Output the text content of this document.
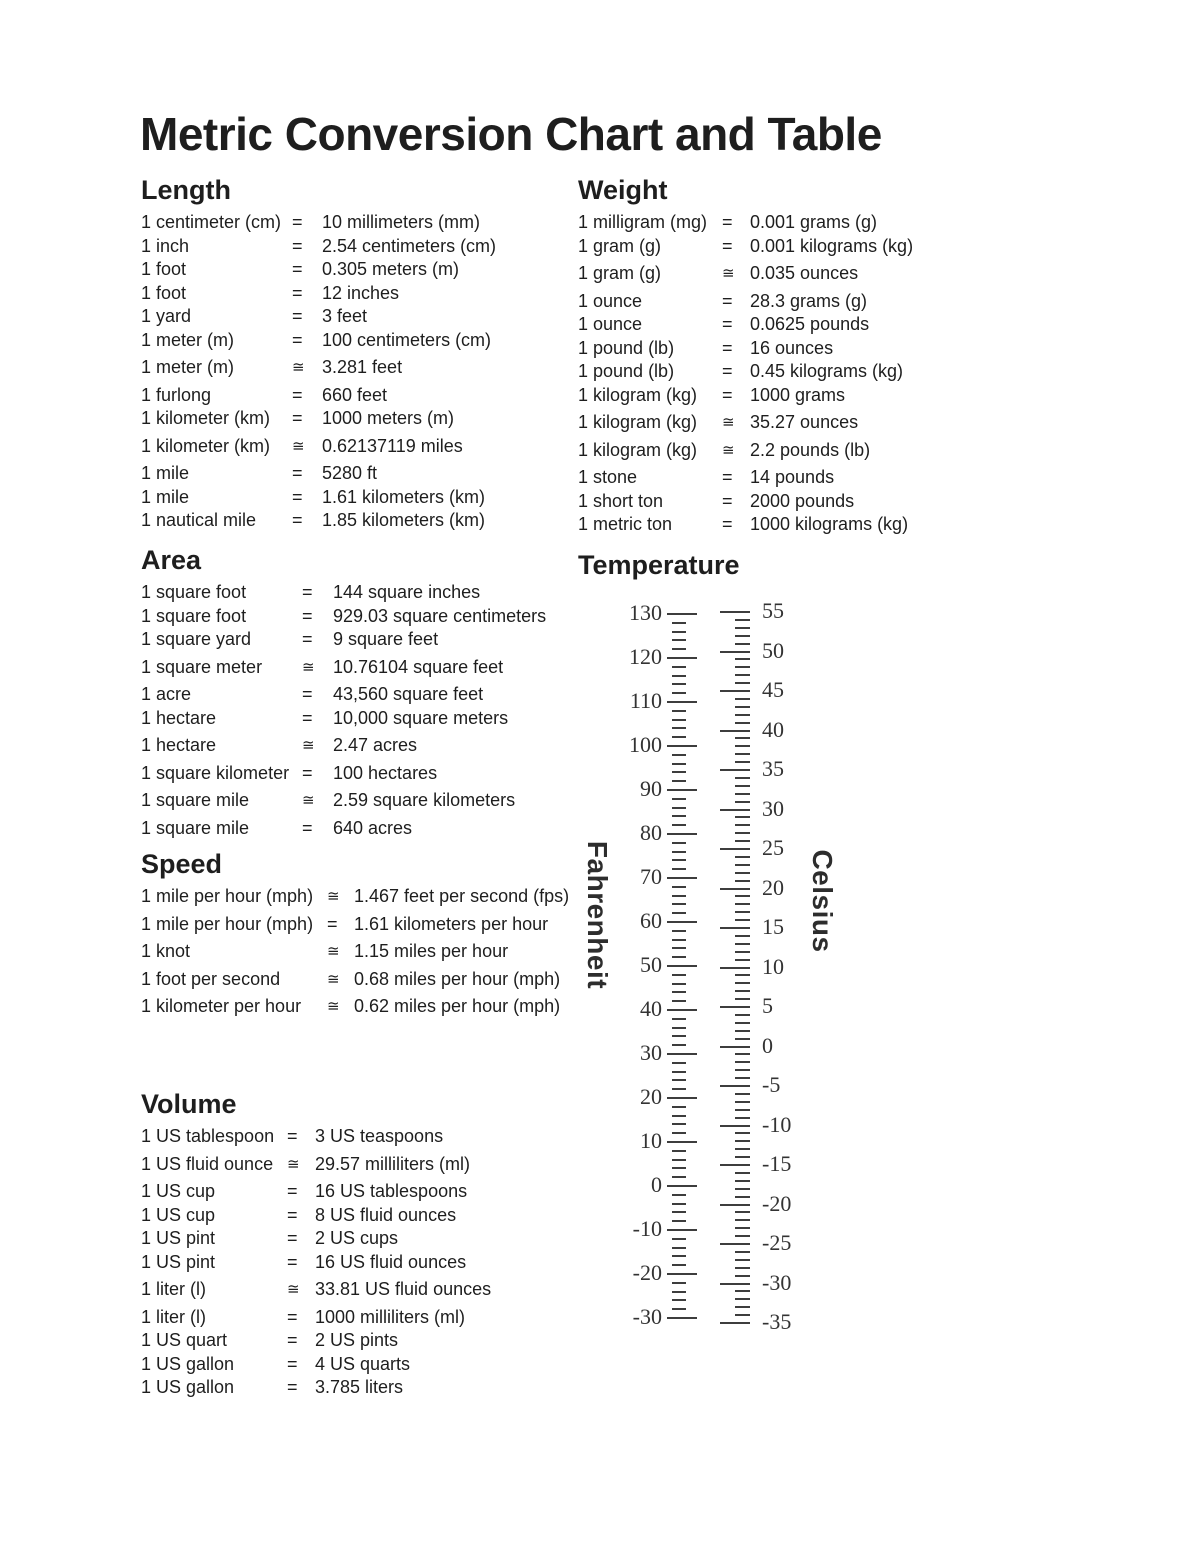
Metric Conversion Chart and Table
Length
1 centimeter (cm) =	10 millimeters (mm)
1 inch	=	2.54 centimeters (cm)
1 foot	=	0.305 meters (m)
1 foot	=	12 inches
1 yard	=	3 feet
1 meter (m)	=	100 centimeters (cm)
1 meter (m)	≅ 3.281 feet
1 furlong	=	660 feet
1 kilometer (km)	=	1000 meters (m)
1 kilometer (km)	≅ 0.62137119 miles
1 mile	=	5280 ft
1 mile	=	1.61 kilometers (km)
1 nautical mile	=	1.85 kilometers (km)
Area
1 square foot	=	144 square inches
1 square foot	=	929.03 square centimeters
1 square yard	=	9 square feet
1 square meter	≅	10.76104 square feet
1 acre	=	43,560 square feet
1 hectare	=	10,000 square meters
1 hectare	≅	2.47 acres
1 square kilometer =	100 hectares
1 square mile	≅	2.59 square kilometers
1 square mile	=	640 acres
Speed
1 mile per hour (mph) ≅ 1.467 feet per second (fps)
1 mile per hour (mph) = 1.61 kilometers per hour
1 knot	≅ 1.15 miles per hour
1 foot per second	≅ 0.68 miles per hour (mph)
1 kilometer per hour	≅ 0.62 miles per hour (mph)
Volume
1 US tablespoon = 3 US teaspoons
1 US fluid ounce ≅ 29.57 milliliters (ml)
1 US cup	= 16 US tablespoons
1 US cup	= 8 US fluid ounces
1 US pint	= 2 US cups
1 US pint	= 16 US fluid ounces
1 liter (l)	≅ 33.81 US fluid ounces
1 liter (l)	= 1000 milliliters (ml)
1 US quart	= 2 US pints
1 US gallon	= 4 US quarts
1 US gallon	= 3.785 liters
Weight
1 milligram (mg) = 0.001 grams (g)
1 gram (g)	= 0.001 kilograms (kg)
1 gram (g)	≅ 0.035 ounces
1 ounce	= 28.3 grams (g)
1 ounce	= 0.0625 pounds
1 pound (lb)	= 16 ounces
1 pound (lb)	= 0.45 kilograms (kg)
1 kilogram (kg)	= 1000 grams
1 kilogram (kg)	≅ 35.27 ounces
1 kilogram (kg)	≅ 2.2 pounds (lb)
1 stone	= 14 pounds
1 short ton	= 2000 pounds
1 metric ton	= 1000 kilograms (kg)
Temperature
130
120
110
100
90
80
70
60
50
40
30
20
10
0
-10
-20
-30
55
50
45
40
35
30
25
20
15
10
5
0
-5
-10
-15
-20
-25
-30
-35
Fahrenheit	Celsius
